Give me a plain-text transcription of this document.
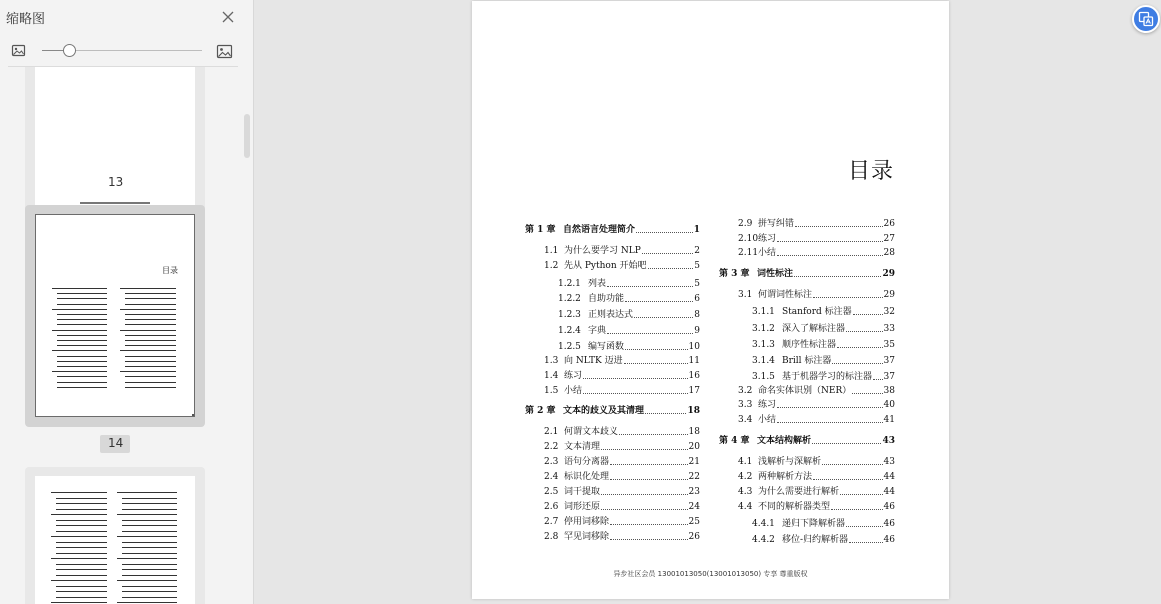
缩略图
13
目录
14
目录
第 1 章 自然语言处理简介	1
1.1 为什么要学习 NLP	2
1.2 先从 Python 开始吧	5
1.2.1 列表	5
1.2.2 自助功能	6
1.2.3 正则表达式	8
1.2.4 字典	9
1.2.5 编写函数	10
1.3 向 NLTK 迈进	11
1.4 练习	16
1.5 小结	17
第 2 章 文本的歧义及其清理	18
2.1 何谓文本歧义	18
2.2 文本清理	20
2.3 语句分离器	21
2.4 标识化处理	22
2.5 词干提取	23
2.6 词形还原	24
2.7 停用词移除	25
2.8 罕见词移除	26
2.9 拼写纠错	26
2.10 练习	27
2.11 小结	28
第 3 章 词性标注	29
3.1 何谓词性标注	29
3.1.1 Stanford 标注器	32
3.1.2 深入了解标注器	33
3.1.3 顺序性标注器	35
3.1.4 Brill 标注器	37
3.1.5 基于机器学习的标注器 37
3.2 命名实体识别（NER）	38
3.3 练习	40
3.4 小结	41
第 4 章 文本结构解析	43
4.1 浅解析与深解析	43
4.2 两种解析方法	44
4.3 为什么需要进行解析	44
4.4 不同的解析器类型	46
4.4.1 递归下降解析器	46
4.4.2 移位-归约解析器	46
异步社区会员 13001013050(13001013050) 专享 尊重版权
